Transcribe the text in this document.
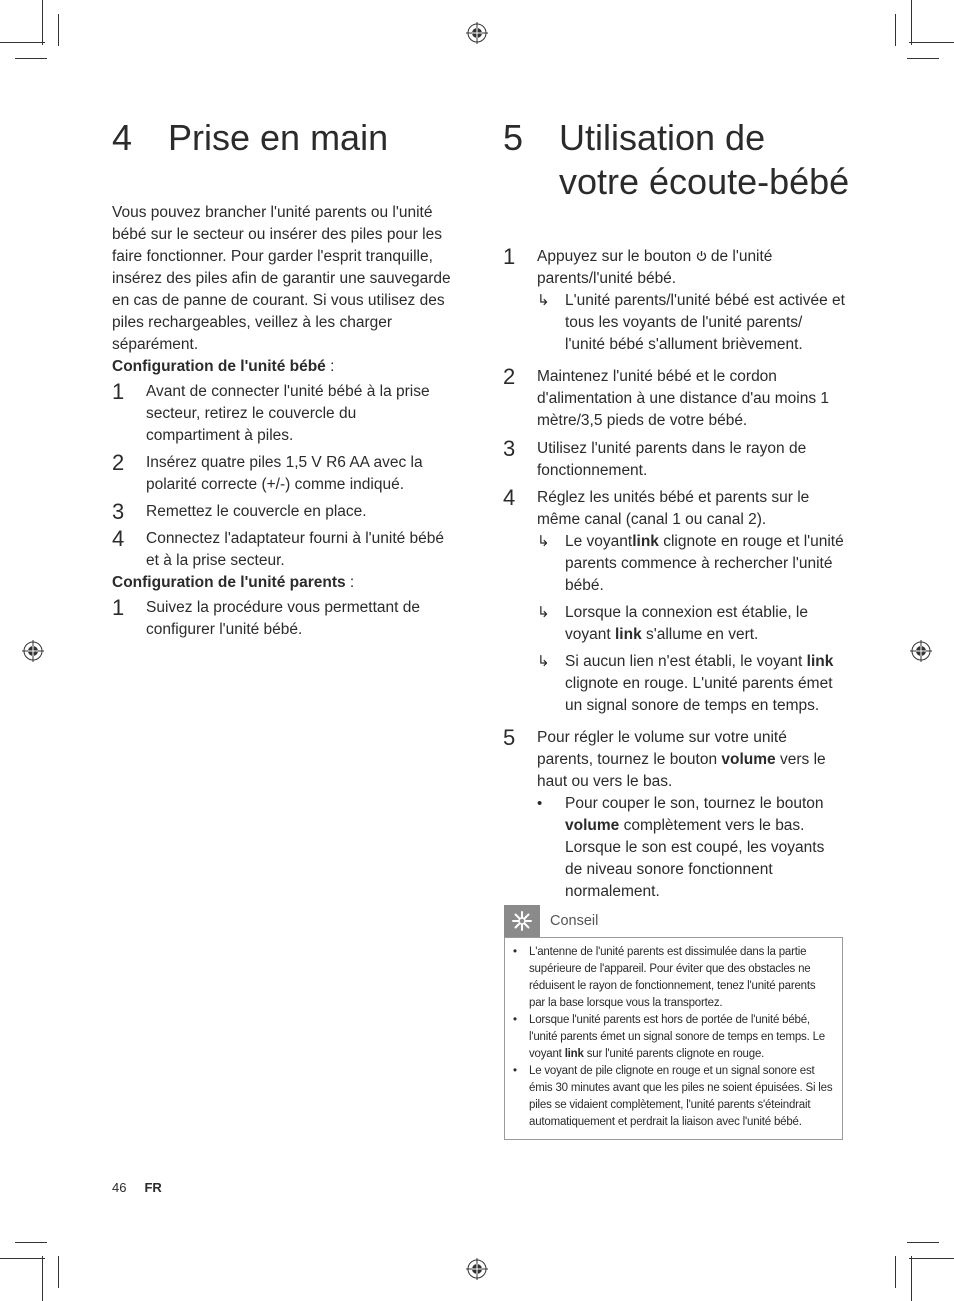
4 Prise en main

Vous pouvez brancher l'unité parents ou l'unité bébé sur le secteur ou insérer des piles pour les faire fonctionner. Pour garder l'esprit tranquille, insérez des piles afin de garantir une sauvegarde en cas de panne de courant. Si vous utilisez des piles rechargeables, veillez à les charger séparément.

Configuration de l'unité bébé :

1	Avant de connecter l'unité bébé à la prise secteur, retirez le couvercle du compartiment à piles.
2	Insérez quatre piles 1,5 V R6 AA avec la polarité correcte (+/-) comme indiqué.
3	Remettez le couvercle en place.
4	Connectez l'adaptateur fourni à l'unité bébé et à la prise secteur.

Configuration de l'unité parents :

1	Suivez la procédure vous permettant de configurer l'unité bébé.
5 Utilisation de
votre écoute-bébé
1	Appuyez sur le bouton  de l'unité parents/l'unité bébé.
↳ L'unité parents/l'unité bébé est activée et tous les voyants de l'unité parents/ l'unité bébé s'allument brièvement.
2	Maintenez l'unité bébé et le cordon d'alimentation à une distance d'au moins 1 mètre/3,5 pieds de votre bébé.
3	Utilisez l'unité parents dans le rayon de fonctionnement.
4	Réglez les unités bébé et parents sur le même canal (canal 1 ou canal 2).
↳ Le voyantlink clignote en rouge et l'unité parents commence à rechercher l'unité bébé.
↳ Lorsque la connexion est établie, le voyant link s'allume en vert.
↳ Si aucun lien n'est établi, le voyant link clignote en rouge. L'unité parents émet un signal sonore de temps en temps.
5	Pour régler le volume sur votre unité parents, tournez le bouton volume vers le haut ou vers le bas.
•	Pour couper le son, tournez le bouton volume complètement vers le bas. Lorsque le son est coupé, les voyants de niveau sonore fonctionnent normalement.
Conseil
•	L'antenne de l'unité parents est dissimulée dans la partie supérieure de l'appareil. Pour éviter que des obstacles ne réduisent le rayon de fonctionnement, tenez l'unité parents par la base lorsque vous la transportez.
•	Lorsque l'unité parents est hors de portée de l'unité bébé, l'unité parents émet un signal sonore de temps en temps. Le voyant link sur l'unité parents clignote en rouge.
•	Le voyant de pile clignote en rouge et un signal sonore est émis 30 minutes avant que les piles ne soient épuisées. Si les piles se vidaient complètement, l'unité parents s'éteindrait automatiquement et perdrait la liaison avec l'unité bébé.
46 FR
